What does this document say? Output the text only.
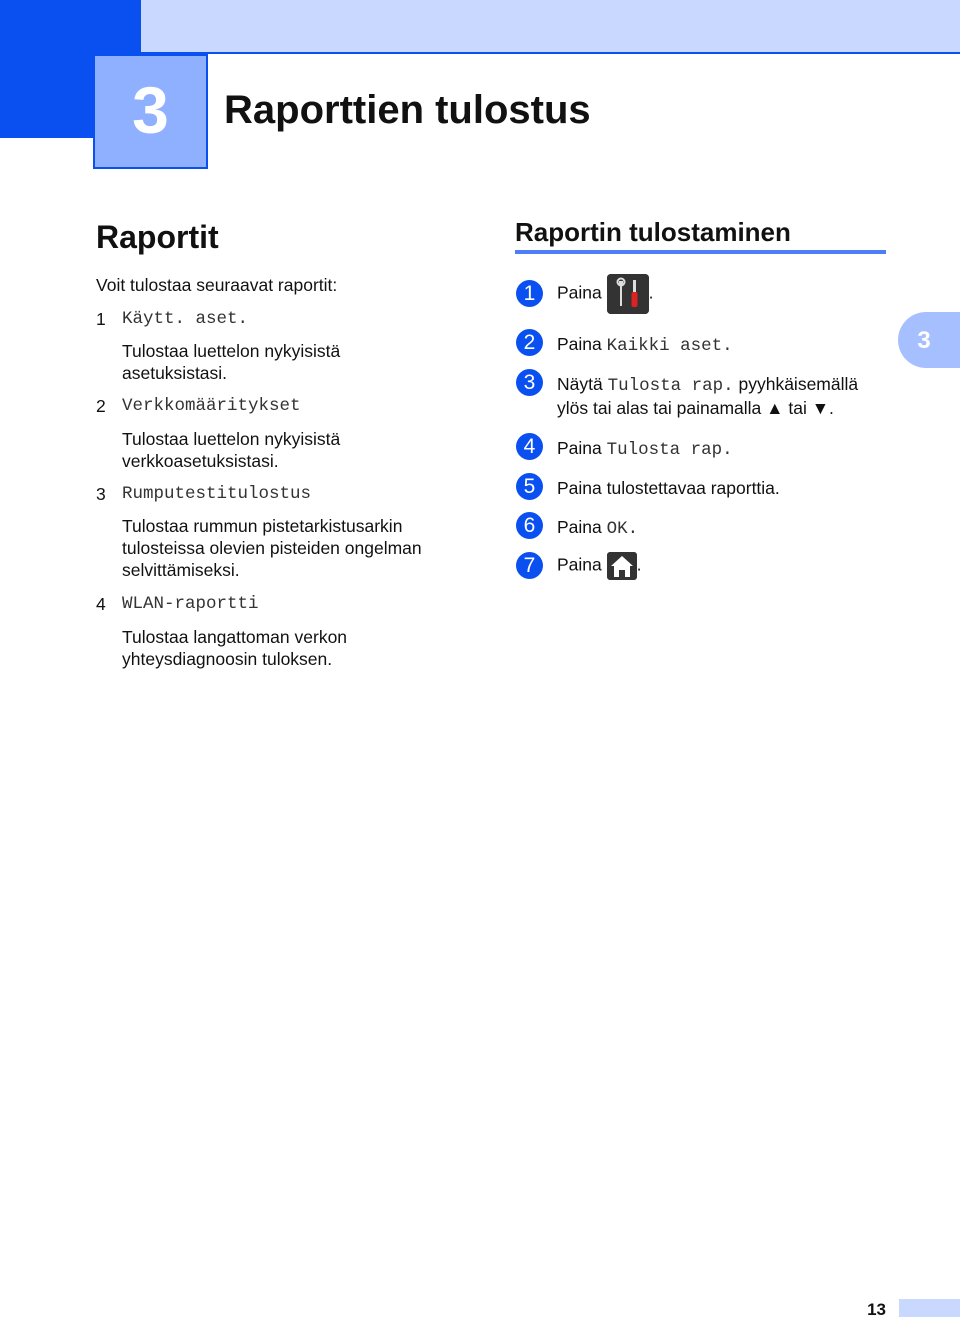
3	Raporttien tulostus
Raportit
Voit tulostaa seuraavat raportit:
1 Käytt. aset.
Tulostaa luettelon nykyisistä
asetuksistasi.
2 Verkkomääritykset
Tulostaa luettelon nykyisistä
verkkoasetuksistasi.
3 Rumputestitulostus
Tulostaa rummun pistetarkistusarkin
tulosteissa olevien pisteiden ongelman
selvittämiseksi.
4 WLAN-raportti
Tulostaa langattoman verkon
yhteysdiagnoosin tuloksen.
Raportin tulostaminen
1	Paina	.
2	Paina Kaikki aset.
3	Näytä Tulosta rap. pyyhkäisemällä
ylös tai alas tai painamalla ▲ tai ▼.
4	Paina Tulosta rap.
5	Paina tulostettavaa raporttia.
6	Paina OK.
7	Paina .
3
13
